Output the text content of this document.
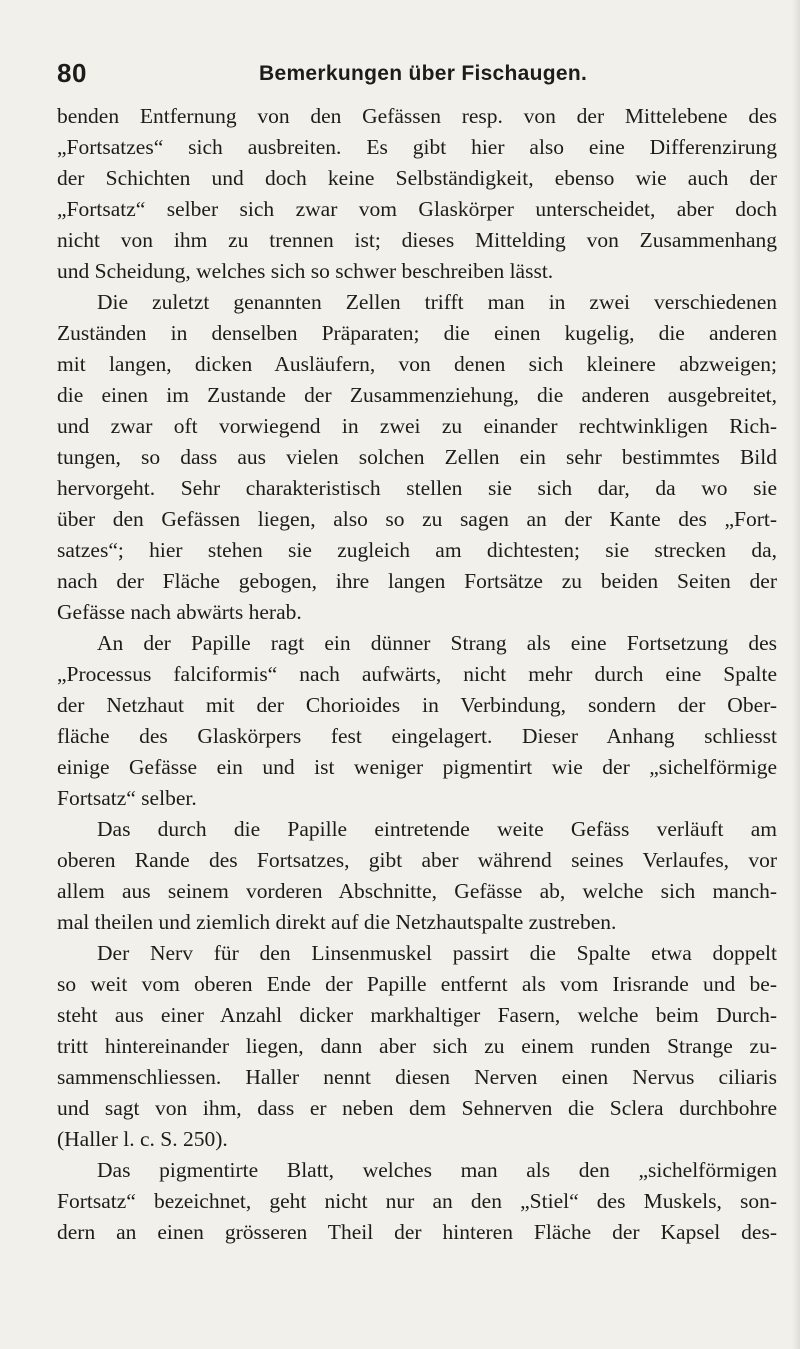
80	Bemerkungen über Fischaugen.
benden Entfernung von den Gefässen resp. von der Mittelebene des
„Fortsatzes“ sich ausbreiten. Es gibt hier also eine Differenzirung
der Schichten und doch keine Selbständigkeit, ebenso wie auch der
„Fortsatz“ selber sich zwar vom Glaskörper unterscheidet, aber doch
nicht von ihm zu trennen ist; dieses Mittelding von Zusammenhang
und Scheidung, welches sich so schwer beschreiben lässt.
Die zuletzt genannten Zellen trifft man in zwei verschiedenen
Zuständen in denselben Präparaten; die einen kugelig, die anderen
mit langen, dicken Ausläufern, von denen sich kleinere abzweigen;
die einen im Zustande der Zusammenziehung, die anderen ausgebreitet,
und zwar oft vorwiegend in zwei zu einander rechtwinkligen Rich-
tungen, so dass aus vielen solchen Zellen ein sehr bestimmtes Bild
hervorgeht. Sehr charakteristisch stellen sie sich dar, da wo sie
über den Gefässen liegen, also so zu sagen an der Kante des „Fort-
satzes“; hier stehen sie zugleich am dichtesten; sie strecken da,
nach der Fläche gebogen, ihre langen Fortsätze zu beiden Seiten der
Gefässe nach abwärts herab.
An der Papille ragt ein dünner Strang als eine Fortsetzung des
„Processus falciformis“ nach aufwärts, nicht mehr durch eine Spalte
der Netzhaut mit der Chorioides in Verbindung, sondern der Ober-
fläche des Glaskörpers fest eingelagert. Dieser Anhang schliesst
einige Gefässe ein und ist weniger pigmentirt wie der „sichelförmige
Fortsatz“ selber.
Das durch die Papille eintretende weite Gefäss verläuft am
oberen Rande des Fortsatzes, gibt aber während seines Verlaufes, vor
allem aus seinem vorderen Abschnitte, Gefässe ab, welche sich manch-
mal theilen und ziemlich direkt auf die Netzhautspalte zustreben.
Der Nerv für den Linsenmuskel passirt die Spalte etwa doppelt
so weit vom oberen Ende der Papille entfernt als vom Irisrande und be-
steht aus einer Anzahl dicker markhaltiger Fasern, welche beim Durch-
tritt hintereinander liegen, dann aber sich zu einem runden Strange zu-
sammenschliessen. Haller nennt diesen Nerven einen Nervus ciliaris
und sagt von ihm, dass er neben dem Sehnerven die Sclera durchbohre
(Haller l. c. S. 250).
Das pigmentirte Blatt, welches man als den „sichelförmigen
Fortsatz“ bezeichnet, geht nicht nur an den „Stiel“ des Muskels, son-
dern an einen grösseren Theil der hinteren Fläche der Kapsel des-
